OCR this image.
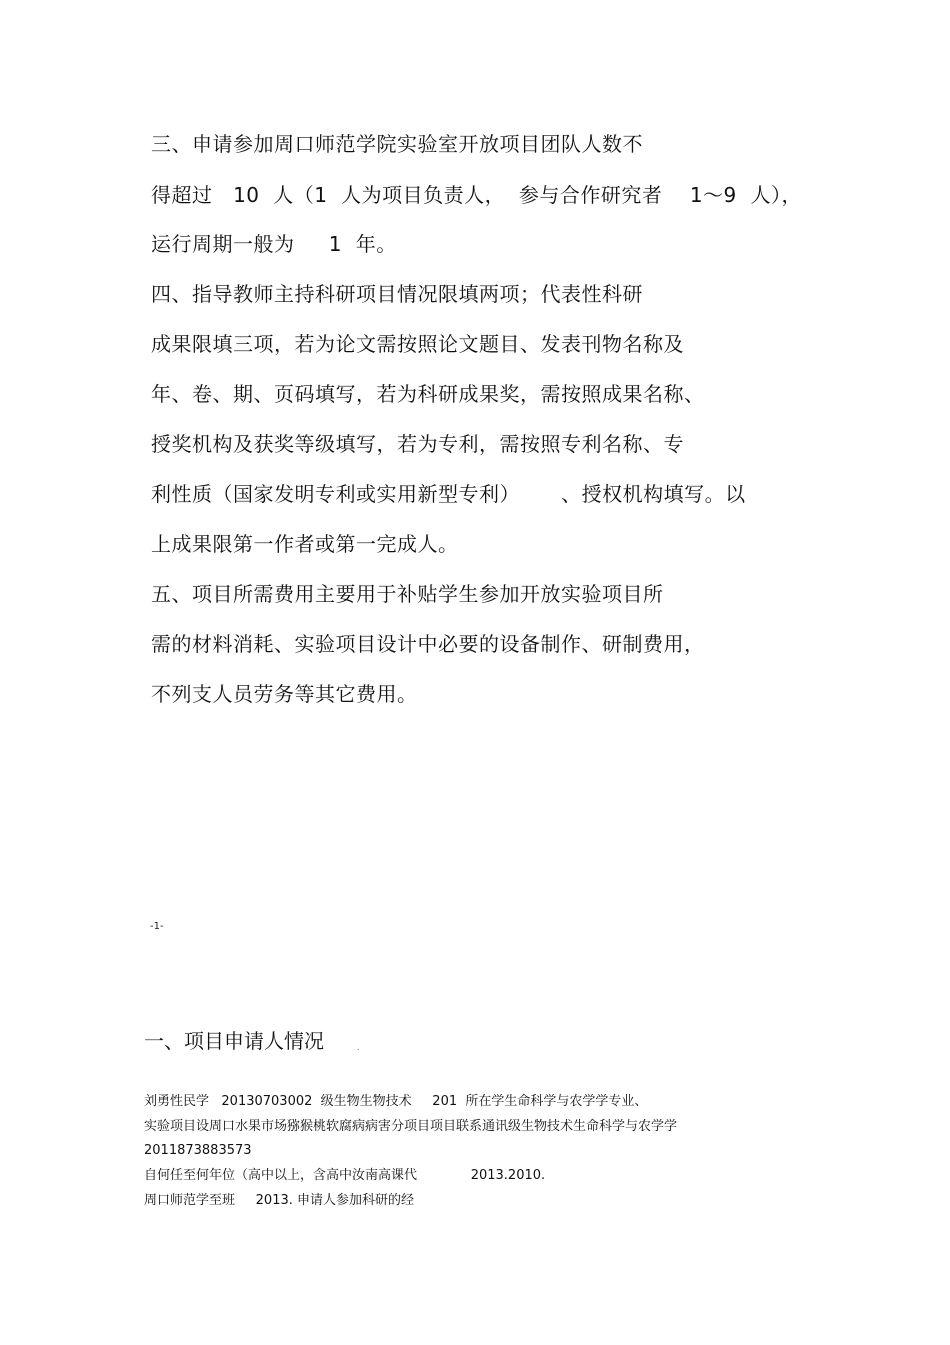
三、申请参加周口师范学院实验室开放项目团队人数不
得超过   10  人（1  人为项目负责人，  参与合作研究者    1～9  人），
运行周期一般为     1  年。
四、指导教师主持科研项目情况限填两项；代表性科研
成果限填三项，若为论文需按照论文题目、发表刊物名称及
年、卷、期、页码填写，若为科研成果奖，需按照成果名称、
授奖机构及获奖等级填写，若为专利，需按照专利名称、专
利性质（国家发明专利或实用新型专利）      、授权机构填写。以
上成果限第一作者或第一完成人。
五、项目所需费用主要用于补贴学生参加开放实验项目所
需的材料消耗、实验项目设计中必要的设备制作、研制费用，
不列支人员劳务等其它费用。
-1-
一、项目申请人情况	.
刘勇性民学   20130703002  级生物生物技术     201  所在学生命科学与农学学专业、
实验项目设周口水果市场猕猴桃软腐病病害分项目项目联系通讯级生物技术生命科学与农学学
2011873883573
自何任至何年位（高中以上，含高中汝南高课代             2013.2010.
周口师范学至班     2013. 申请人参加科研的经
